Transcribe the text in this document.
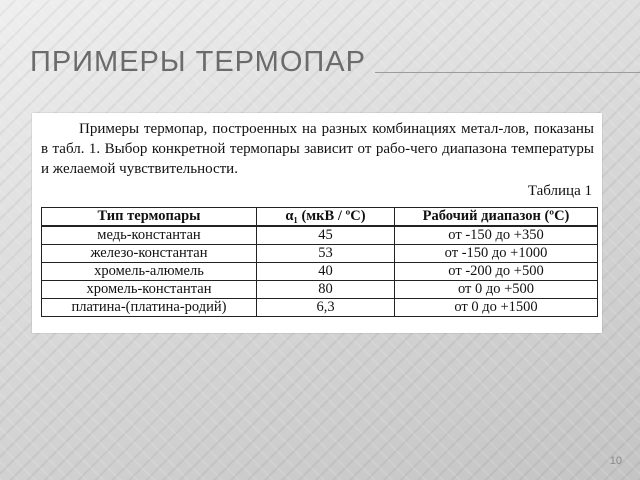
ПРИМЕРЫ ТЕРМОПАР

Примеры термопар, построенных на разных комбинациях метал-лов, показаны в табл. 1. Выбор конкретной термопары зависит от рабо-чего диапазона температуры и желаемой чувствительности.

Таблица 1
Тип термопары	α₁ (мкВ / ºС)	Рабочий диапазон (ºС)
медь-константан	45	от -150 до +350
железо-константан	53	от -150 до +1000
хромель-алюмель	40	от -200 до +500
хромель-константан	80	от 0 до +500
платина-(платина-родий)	6,3	от 0 до +1500
10
